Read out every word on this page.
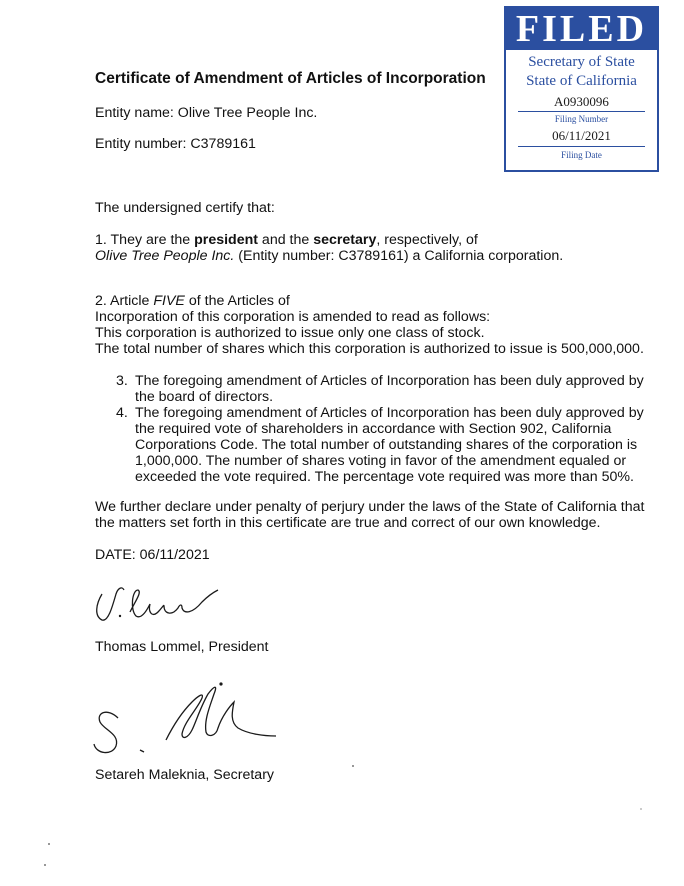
FILED
Secretary of State
State of California
A0930096
Filing Number
06/11/2021
Filing Date
Certificate of Amendment of Articles of Incorporation
Entity name: Olive Tree People Inc.
Entity number: C3789161
The undersigned certify that:
1. They are the president and the secretary, respectively, of
Olive Tree People Inc. (Entity number: C3789161) a California corporation.
2. Article FIVE of the Articles of
Incorporation of this corporation is amended to read as follows:
This corporation is authorized to issue only one class of stock.
The total number of shares which this corporation is authorized to issue is 500,000,000.
3. The foregoing amendment of Articles of Incorporation has been duly approved by
the board of directors.
4. The foregoing amendment of Articles of Incorporation has been duly approved by
the required vote of shareholders in accordance with Section 902, California
Corporations Code. The total number of outstanding shares of the corporation is
1,000,000. The number of shares voting in favor of the amendment equaled or
exceeded the vote required. The percentage vote required was more than 50%.
We further declare under penalty of perjury under the laws of the State of California that
the matters set forth in this certificate are true and correct of our own knowledge.
DATE: 06/11/2021
Thomas Lommel, President
Setareh Maleknia, Secretary
